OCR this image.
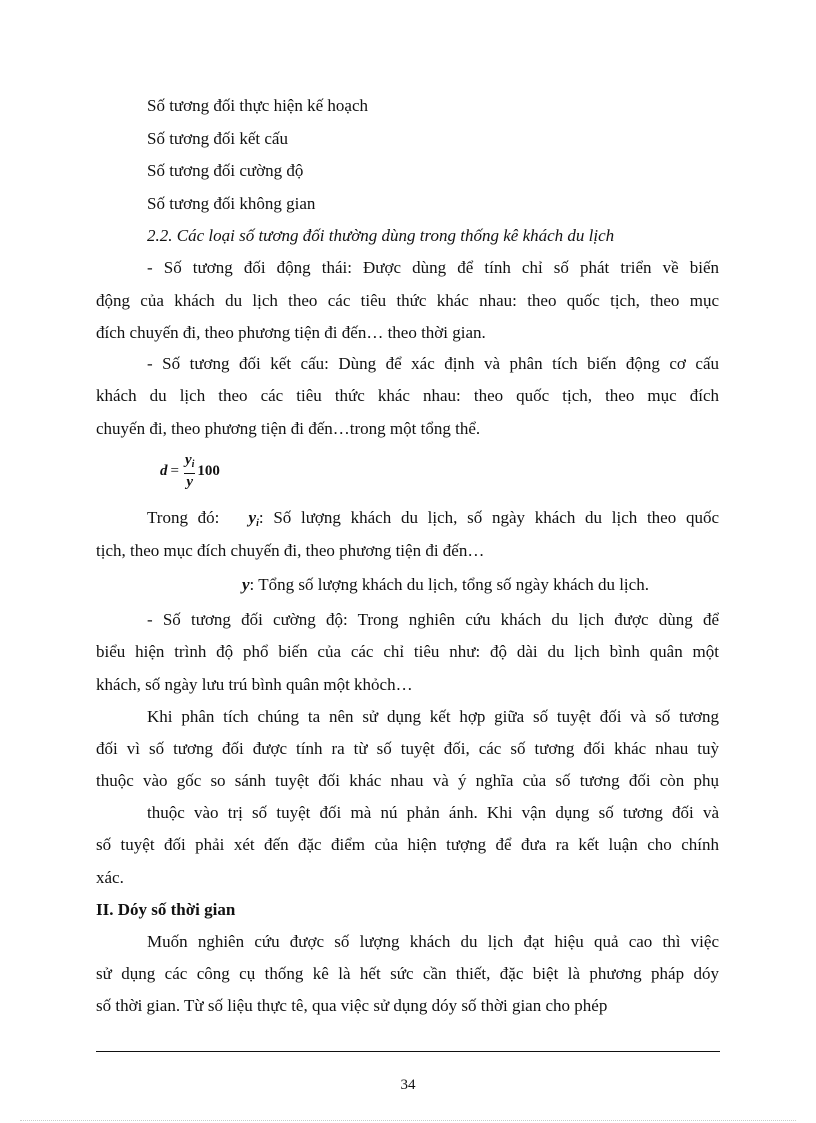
Số tương đối thực hiện kế hoạch
Số tương đối kết cấu
Số tương đối cường độ
Số tương đối không gian
2.2. Các loại số tương đối thường dùng trong thống kê khách du lịch
- Số tương đối động thái: Được dùng để tính chỉ số phát triển về biến
động của khách du lịch theo các tiêu thức khác nhau: theo quốc tịch, theo mục
đích chuyến đi, theo phương tiện đi đến… theo thời gian.
- Số tương đối kết cấu: Dùng để xác định và phân tích biến động cơ cấu
khách du lịch theo các tiêu thức khác nhau: theo quốc tịch, theo mục đích
chuyến đi, theo phương tiện đi đến…trong một tổng thể.
$d = \frac{y_i}{y} 100$
Trong đó: $y_i$: Số lượng khách du lịch, số ngày khách du lịch theo quốc
tịch, theo mục đích chuyến đi, theo phương tiện đi đến…
y: Tổng số lượng khách du lịch, tổng số ngày khách du lịch.
- Số tương đối cường độ: Trong nghiên cứu khách du lịch được dùng để
biểu hiện trình độ phổ biến của các chỉ tiêu như: độ dài du lịch bình quân một
khách, số ngày lưu trú bình quân một khỏch…
Khi phân tích chúng ta nên sử dụng kết hợp giữa số tuyệt đối và số tương
đối vì số tương đối được tính ra từ số tuyệt đối, các số tương đối khác nhau tuỳ
thuộc vào gốc so sánh tuyệt đối khác nhau và ý nghĩa của số tương đối còn phụ
thuộc vào trị số tuyệt đối mà nú phản ánh. Khi vận dụng số tương đối và
số tuyệt đối phải xét đến đặc điểm của hiện tượng để đưa ra kết luận cho chính
xác.
II. Dóy số thời gian
Muốn nghiên cứu được số lượng khách du lịch đạt hiệu quả cao thì việc
sử dụng các công cụ thống kê là hết sức cần thiết, đặc biệt là phương pháp dóy
số thời gian. Từ số liệu thực tê, qua việc sử dụng dóy số thời gian cho phép
34
